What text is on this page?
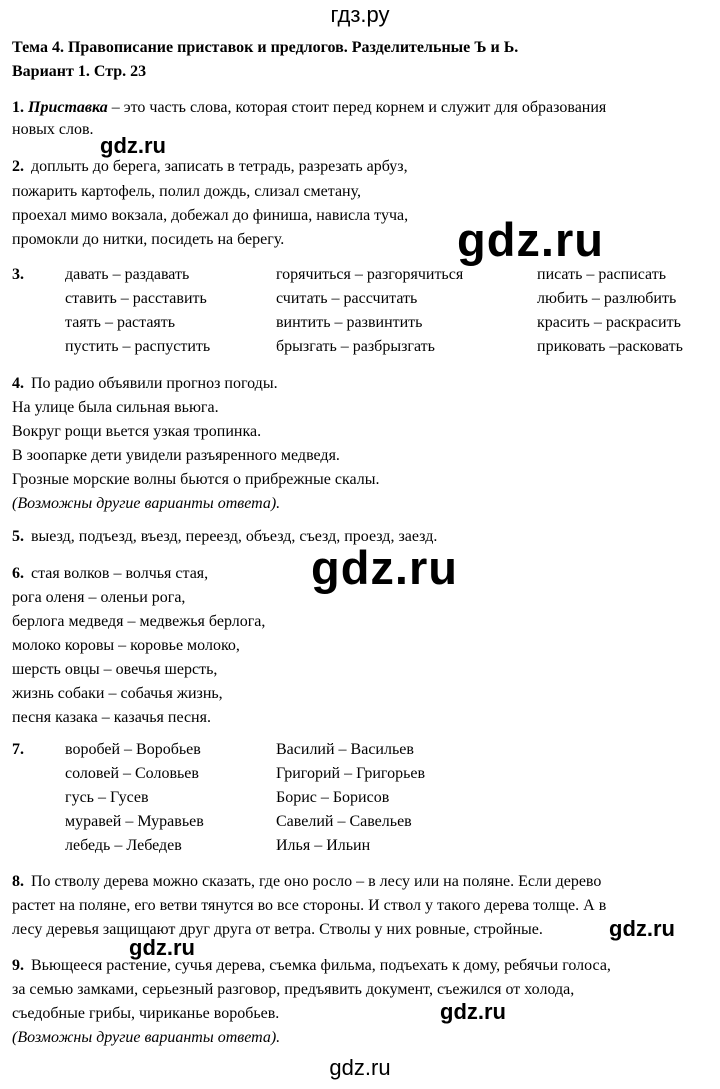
гдз.ру
gdz.ru
gdz.ru
gdz.ru
gdz.ru
gdz.ru
gdz.ru
gdz.ru
Тема 4. Правописание приставок и предлогов. Разделительные Ъ и Ь.
Вариант 1. Стр. 23
1. Приставка – это часть слова, которая стоит перед корнем и служит для образования
новых слов.
2. доплыть до берега, записать в тетрадь, разрезать арбуз,
пожарить картофель, полил дождь, слизал сметану,
проехал мимо вокзала, добежал до финиша, нависла туча,
промокли до нитки, посидеть на берегу.
3.	давать – раздавать
ставить – расставить
таять – растаять
пустить – распустить
горячиться – разгорячиться
считать – рассчитать
винтить – развинтить
брызгать – разбрызгать
писать – расписать
любить – разлюбить
красить – раскрасить
приковать –расковать
4. По радио объявили прогноз погоды.
На улице была сильная вьюга.
Вокруг рощи вьется узкая тропинка.
В зоопарке дети увидели разъяренного медведя.
Грозные морские волны бьются о прибрежные скалы.
(Возможны другие варианты ответа).
5. выезд, подъезд, въезд, переезд, объезд, съезд, проезд, заезд.
6. стая волков – волчья стая,
рога оленя – оленьи рога,
берлога медведя – медвежья берлога,
молоко коровы – коровье молоко,
шерсть овцы – овечья шерсть,
жизнь собаки – собачья жизнь,
песня казака – казачья песня.
7.	воробей – Воробьев
соловей – Соловьев
гусь – Гусев
муравей – Муравьев
лебедь – Лебедев
Василий – Васильев
Григорий – Григорьев
Борис – Борисов
Савелий – Савельев
Илья – Ильин
8. По стволу дерева можно сказать, где оно росло – в лесу или на поляне. Если дерево
растет на поляне, его ветви тянутся во все стороны. И ствол у такого дерева толще. А в
лесу деревья защищают друг друга от ветра. Стволы у них ровные, стройные.
9. Вьющееся растение, сучья дерева, съемка фильма, подъехать к дому, ребячьи голоса,
за семью замками, серьезный разговор, предъявить документ, съежился от холода,
съедобные грибы, чириканье воробьев.
(Возможны другие варианты ответа).
